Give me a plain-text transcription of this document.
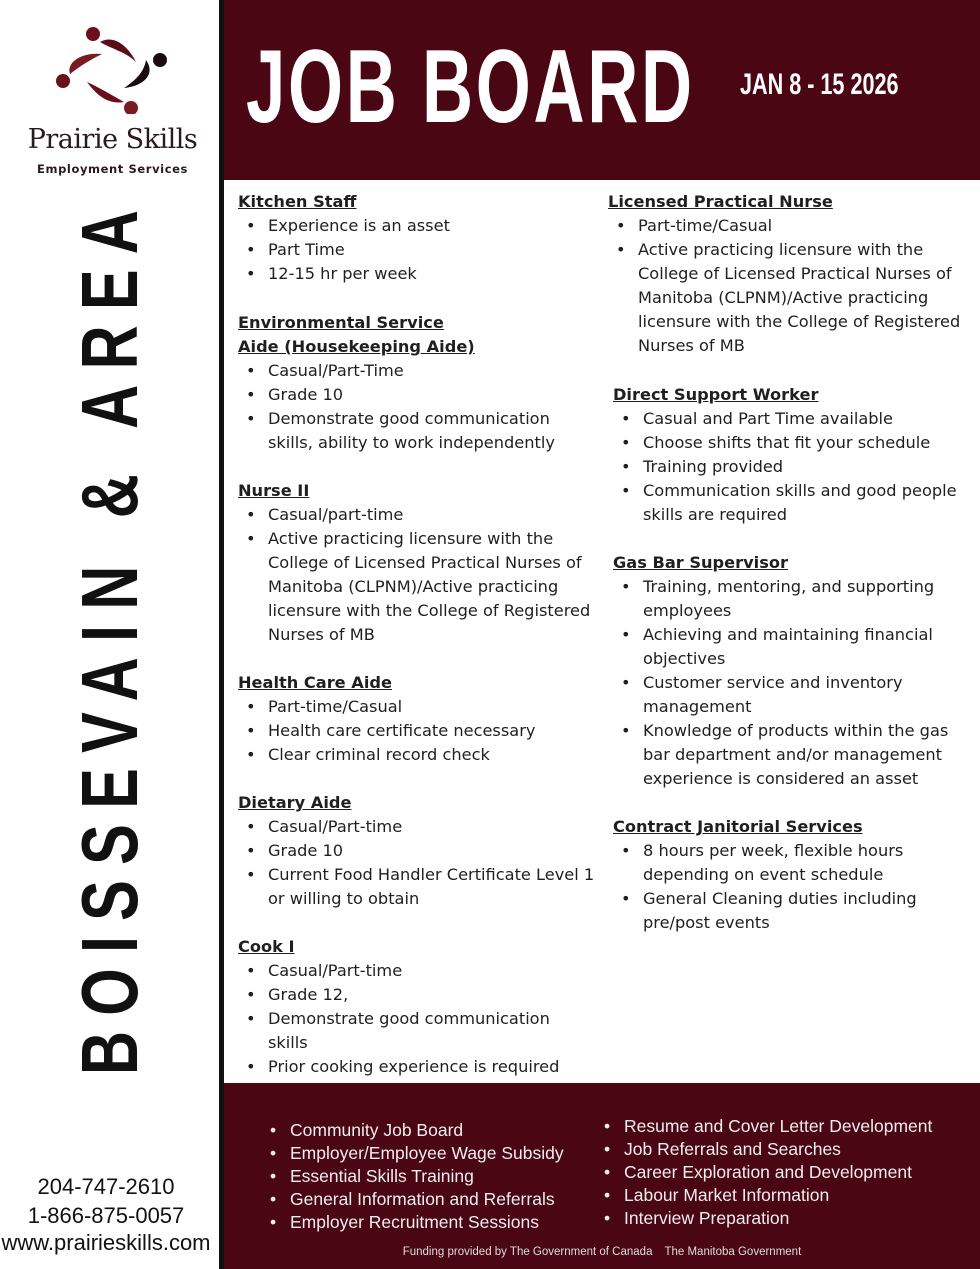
Prairie Skills
Employment Services
BOISSEVAIN & AREA
204-747-2610
1-866-875-0057
www.prairieskills.com
JOB BOARD JAN 8 - 15 2026
Kitchen Staff
• Experience is an asset
• Part Time
• 12-15 hr per week
Environmental Service Aide (Housekeeping Aide)
• Casual/Part-Time
• Grade 10
• Demonstrate good communication skills, ability to work independently
Nurse II
• Casual/part-time
• Active practicing licensure with the College of Licensed Practical Nurses of Manitoba (CLPNM)/Active practicing licensure with the College of Registered Nurses of MB
Health Care Aide
• Part-time/Casual
• Health care certificate necessary
• Clear criminal record check
Dietary Aide
• Casual/Part-time
• Grade 10
• Current Food Handler Certificate Level 1 or willing to obtain
Cook I
• Casual/Part-time
• Grade 12,
• Demonstrate good communication skills
• Prior cooking experience is required
Licensed Practical Nurse
• Part-time/Casual
• Active practicing licensure with the College of Licensed Practical Nurses of Manitoba (CLPNM)/Active practicing licensure with the College of Registered Nurses of MB
Direct Support Worker
• Casual and Part Time available
• Choose shifts that fit your schedule
• Training provided
• Communication skills and good people skills are required
Gas Bar Supervisor
• Training, mentoring, and supporting employees
• Achieving and maintaining financial objectives
• Customer service and inventory management
• Knowledge of products within the gas bar department and/or management experience is considered an asset
Contract Janitorial Services
• 8 hours per week, flexible hours depending on event schedule
• General Cleaning duties including pre/post events
• Community Job Board
• Employer/Employee Wage Subsidy
• Essential Skills Training
• General Information and Referrals
• Employer Recruitment Sessions
• Resume and Cover Letter Development
• Job Referrals and Searches
• Career Exploration and Development
• Labour Market Information
• Interview Preparation
Funding provided by The Government of Canada The Manitoba Government
